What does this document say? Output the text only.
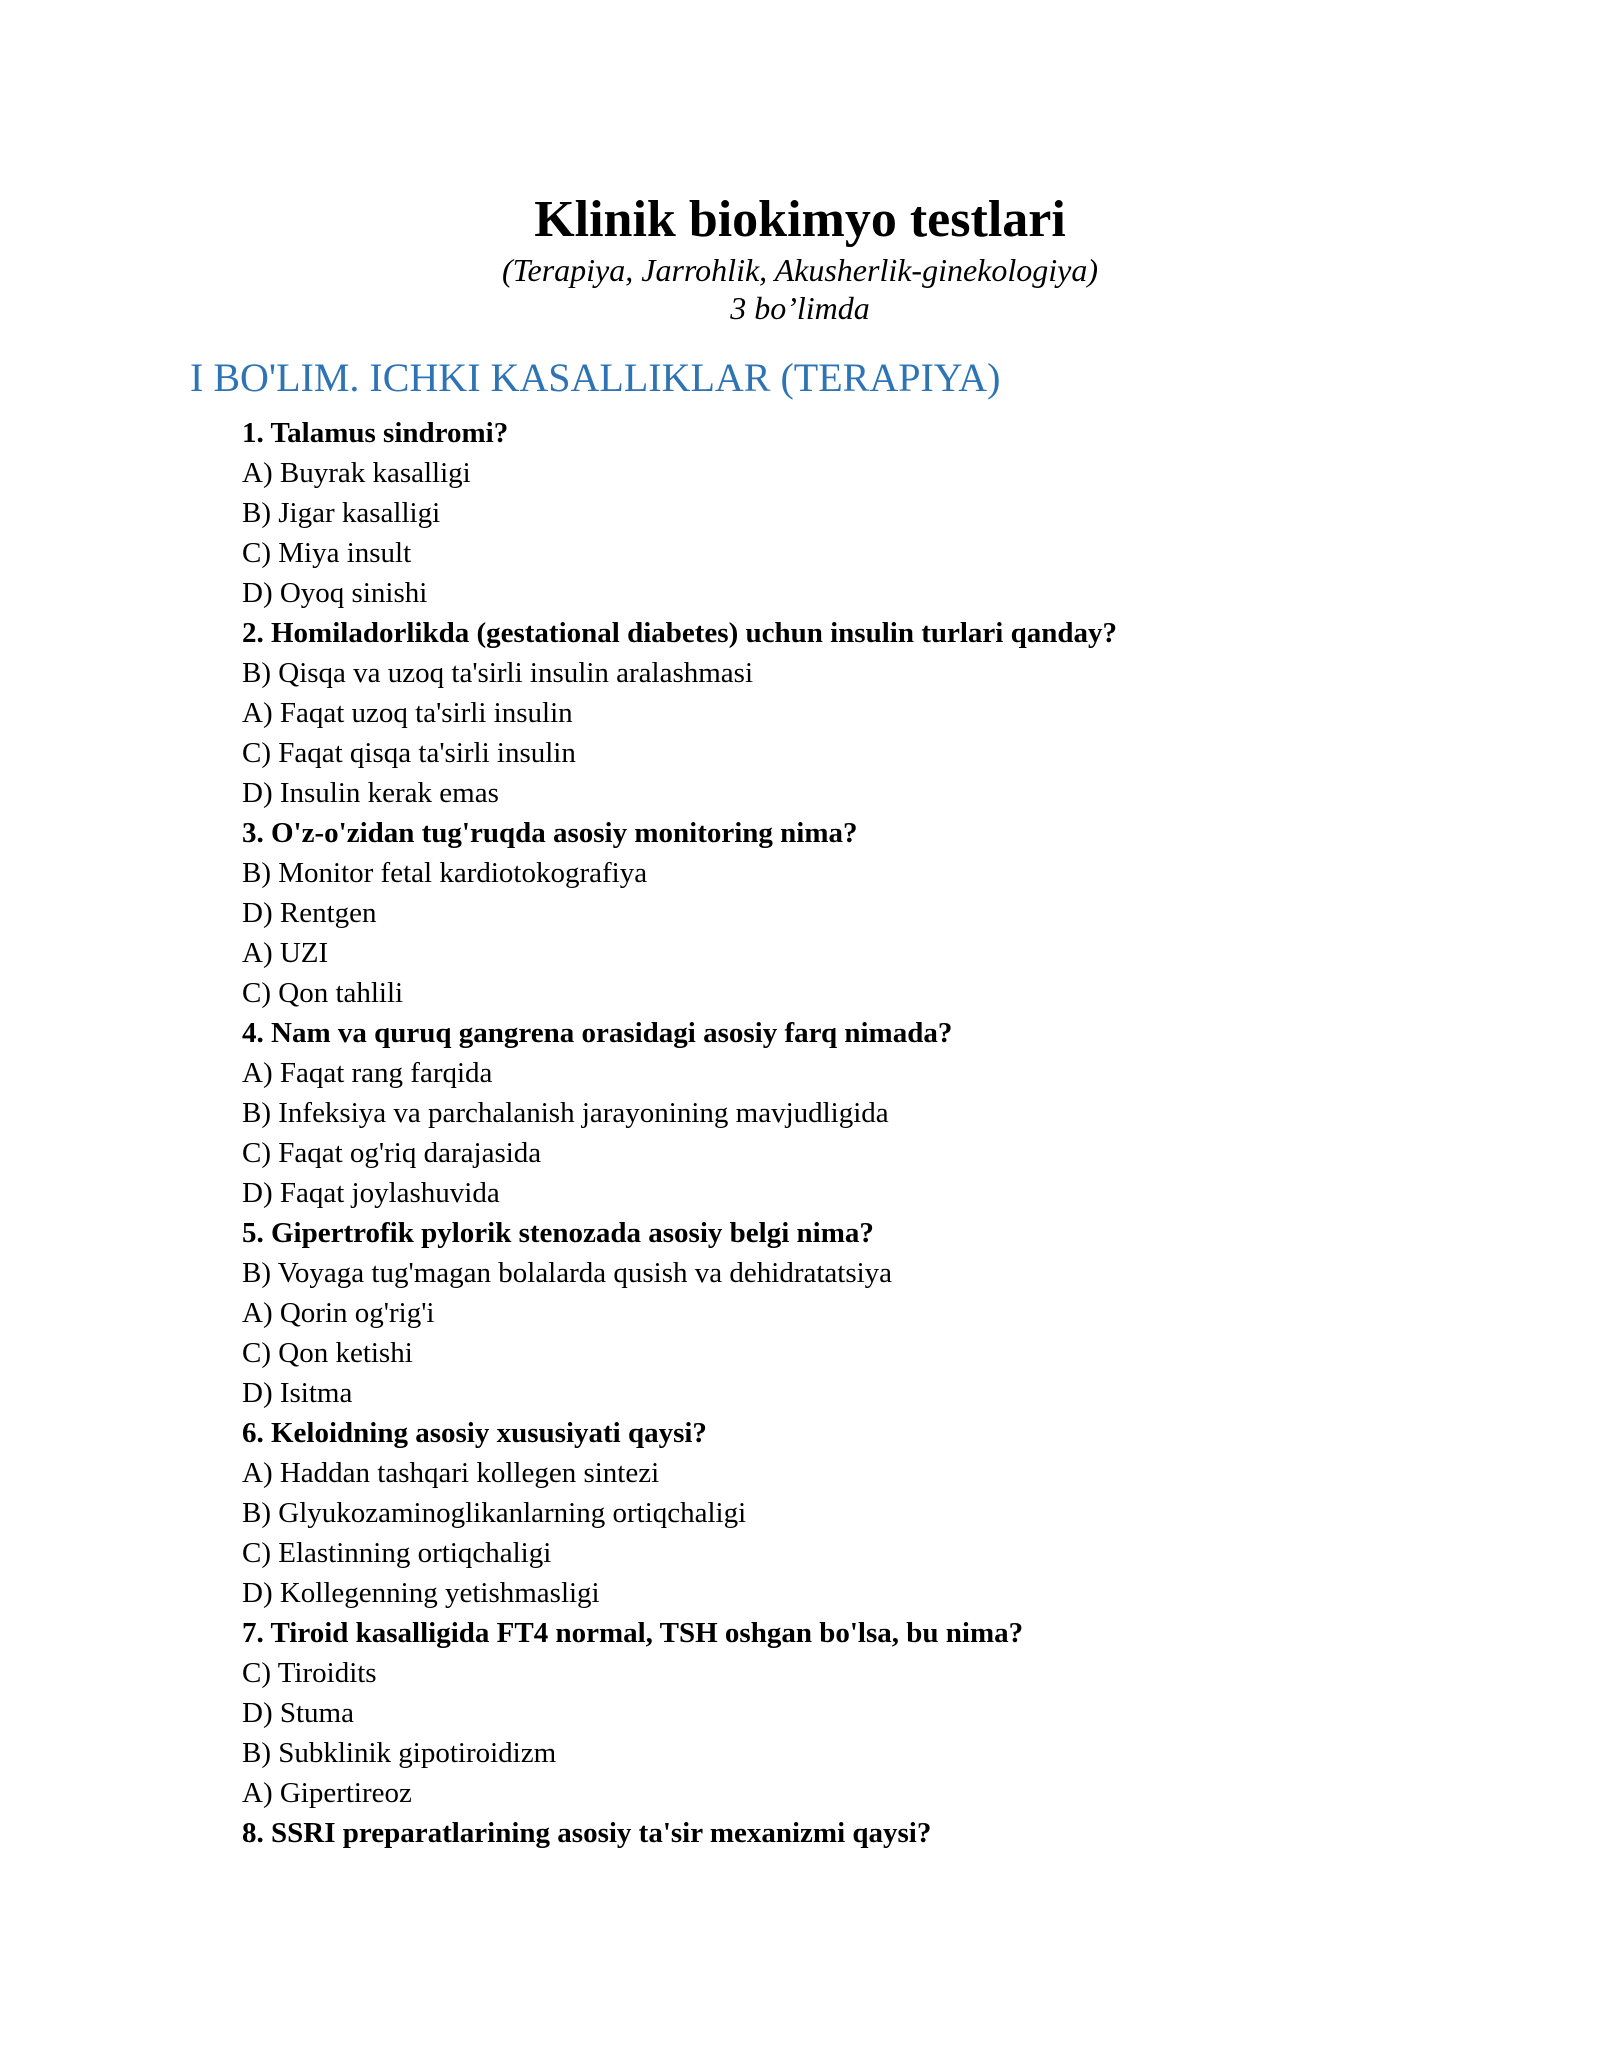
Klinik biokimyo testlari
(Terapiya, Jarrohlik, Akusherlik-ginekologiya)
3 bo’limda
I BO'LIM. ICHKI KASALLIKLAR (TERAPIYA)
1. Talamus sindromi?
A) Buyrak kasalligi
B) Jigar kasalligi
C) Miya insult
D) Oyoq sinishi
2. Homiladorlikda (gestational diabetes) uchun insulin turlari qanday?
B) Qisqa va uzoq ta'sirli insulin aralashmasi
A) Faqat uzoq ta'sirli insulin
C) Faqat qisqa ta'sirli insulin
D) Insulin kerak emas
3. O'z-o'zidan tug'ruqda asosiy monitoring nima?
B) Monitor fetal kardiotokografiya
D) Rentgen
A) UZI
C) Qon tahlili
4. Nam va quruq gangrena orasidagi asosiy farq nimada?
A) Faqat rang farqida
B) Infeksiya va parchalanish jarayonining mavjudligida
C) Faqat og'riq darajasida
D) Faqat joylashuvida
5. Gipertrofik pylorik stenozada asosiy belgi nima?
B) Voyaga tug'magan bolalarda qusish va dehidratatsiya
A) Qorin og'rig'i
C) Qon ketishi
D) Isitma
6. Keloidning asosiy xususiyati qaysi?
A) Haddan tashqari kollegen sintezi
B) Glyukozaminoglikanlarning ortiqchaligi
C) Elastinning ortiqchaligi
D) Kollegenning yetishmasligi
7. Tiroid kasalligida FT4 normal, TSH oshgan bo'lsa, bu nima?
C) Tiroidits
D) Stuma
B) Subklinik gipotiroidizm
A) Gipertireoz
8. SSRI preparatlarining asosiy ta'sir mexanizmi qaysi?
